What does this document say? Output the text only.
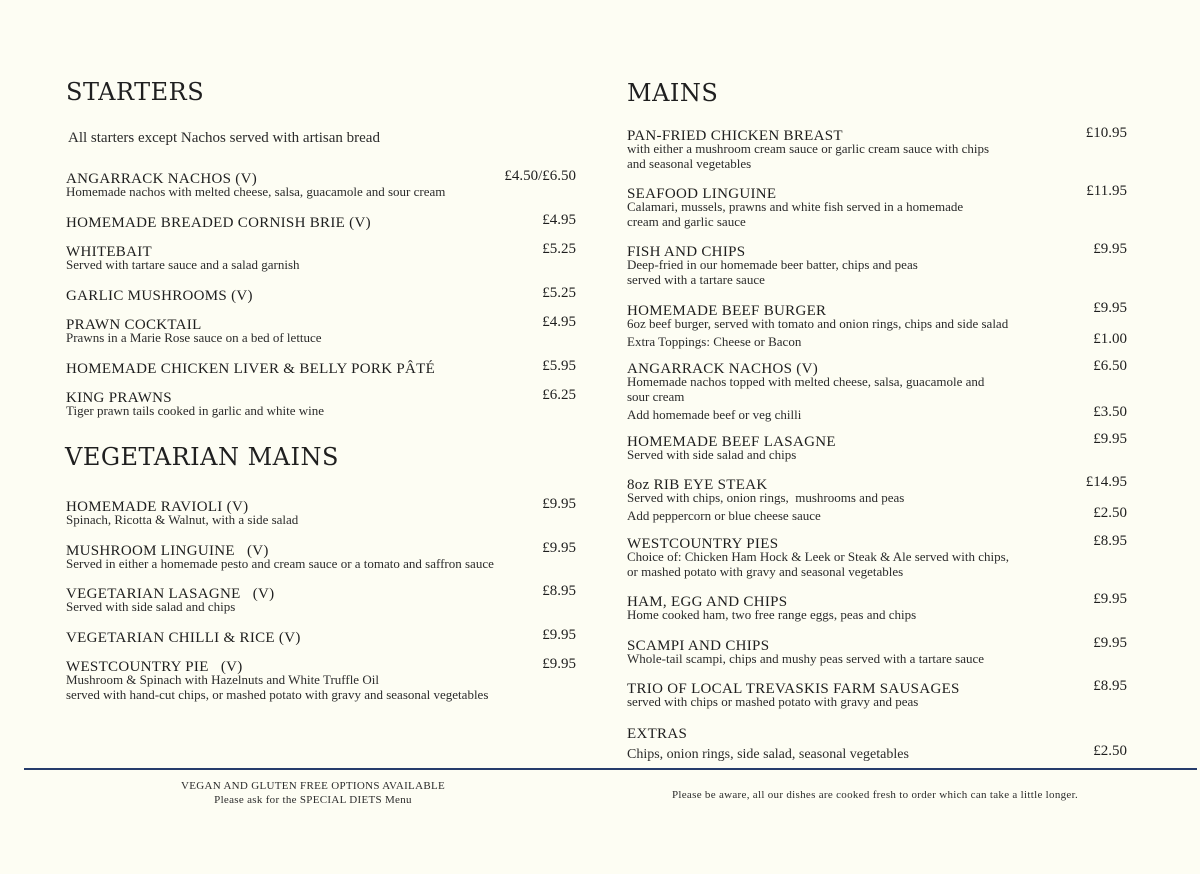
STARTERS
All starters except Nachos served with artisan bread
ANGARRACK NACHOS (V)	£4.50/£6.50
Homemade nachos with melted cheese, salsa, guacamole and sour cream
HOMEMADE BREADED CORNISH BRIE (V)	£4.95
WHITEBAIT	£5.25
Served with tartare sauce and a salad garnish
GARLIC MUSHROOMS (V)	£5.25
PRAWN COCKTAIL	£4.95
Prawns in a Marie Rose sauce on a bed of lettuce
HOMEMADE CHICKEN LIVER & BELLY PORK PÂTÉ	£5.95
KING PRAWNS	£6.25
Tiger prawn tails cooked in garlic and white wine
VEGETARIAN MAINS
HOMEMADE RAVIOLI (V)	£9.95
Spinach, Ricotta & Walnut, with a side salad
MUSHROOM LINGUINE   (V)	£9.95
Served in either a homemade pesto and cream sauce or a tomato and saffron sauce
VEGETARIAN LASAGNE   (V)	£8.95
Served with side salad and chips
VEGETARIAN CHILLI & RICE (V)	£9.95
WESTCOUNTRY PIE   (V)	£9.95
Mushroom & Spinach with Hazelnuts and White Truffle Oil
served with hand-cut chips, or mashed potato with gravy and seasonal vegetables
MAINS
PAN-FRIED CHICKEN BREAST	£10.95
with either a mushroom cream sauce or garlic cream sauce with chips
and seasonal vegetables
SEAFOOD LINGUINE	£11.95
Calamari, mussels, prawns and white fish served in a homemade
cream and garlic sauce
FISH AND CHIPS	£9.95
Deep-fried in our homemade beer batter, chips and peas
served with a tartare sauce
HOMEMADE BEEF BURGER	£9.95
6oz beef burger, served with tomato and onion rings, chips and side salad
Extra Toppings: Cheese or Bacon	£1.00
ANGARRACK NACHOS (V)	£6.50
Homemade nachos topped with melted cheese, salsa, guacamole and
sour cream
Add homemade beef or veg chilli	£3.50
HOMEMADE BEEF LASAGNE	£9.95
Served with side salad and chips
8oz RIB EYE STEAK	£14.95
Served with chips, onion rings,  mushrooms and peas
Add peppercorn or blue cheese sauce	£2.50
WESTCOUNTRY PIES	£8.95
Choice of: Chicken Ham Hock & Leek or Steak & Ale served with chips,
or mashed potato with gravy and seasonal vegetables
HAM, EGG AND CHIPS	£9.95
Home cooked ham, two free range eggs, peas and chips
SCAMPI AND CHIPS	£9.95
Whole-tail scampi, chips and mushy peas served with a tartare sauce
TRIO OF LOCAL TREVASKIS FARM SAUSAGES	£8.95
served with chips or mashed potato with gravy and peas
EXTRAS
Chips, onion rings, side salad, seasonal vegetables	£2.50
VEGAN AND GLUTEN FREE OPTIONS AVAILABLE
Please ask for the SPECIAL DIETS Menu	Please be aware, all our dishes are cooked fresh to order which can take a little longer.
